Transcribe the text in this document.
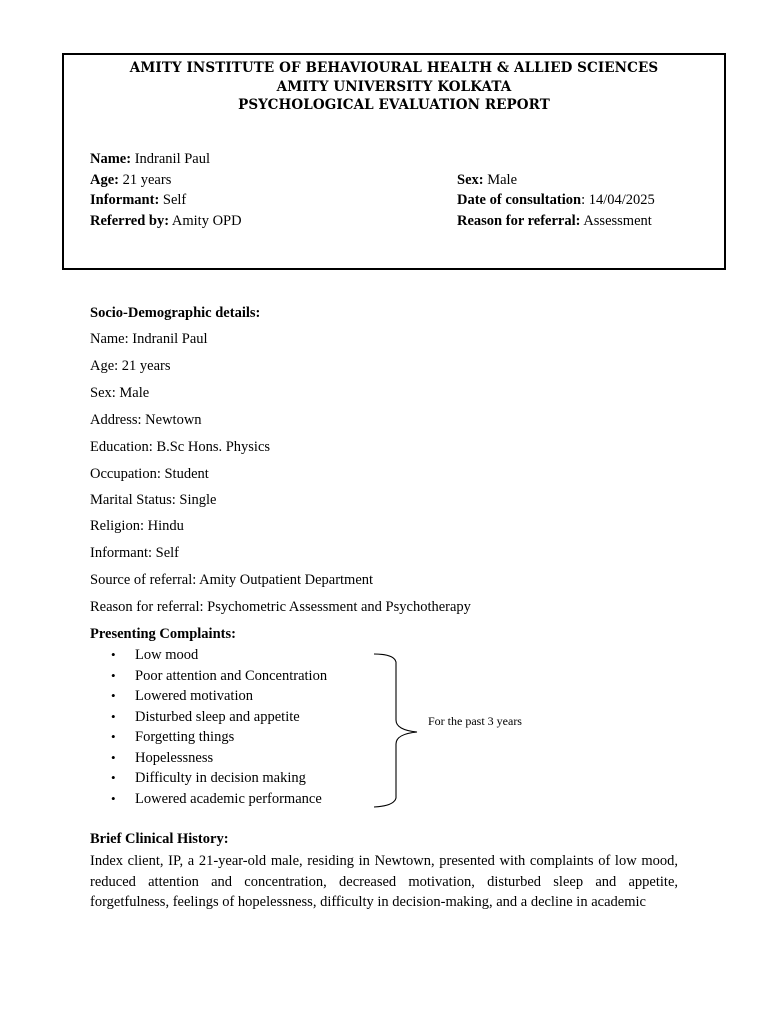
AMITY INSTITUTE OF BEHAVIOURAL HEALTH & ALLIED SCIENCES
AMITY UNIVERSITY KOLKATA
PSYCHOLOGICAL EVALUATION REPORT
Name: Indranil Paul
Age: 21 years
Informant: Self
Referred by: Amity OPD
Sex: Male
Date of consultation: 14/04/2025
Reason for referral: Assessment
Socio-Demographic details:
Name: Indranil Paul
Age: 21 years
Sex: Male
Address: Newtown
Education: B.Sc Hons. Physics
Occupation: Student
Marital Status: Single
Religion: Hindu
Informant: Self
Source of referral: Amity Outpatient Department
Reason for referral: Psychometric Assessment and Psychotherapy
Presenting Complaints:
• Low mood
• Poor attention and Concentration
• Lowered motivation
• Disturbed sleep and appetite
• Forgetting things
• Hopelessness
• Difficulty in decision making
• Lowered academic performance
For the past 3 years
Brief Clinical History:
Index client, IP, a 21-year-old male, residing in Newtown, presented with complaints of low mood, reduced attention and concentration, decreased motivation, disturbed sleep and appetite, forgetfulness, feelings of hopelessness, difficulty in decision-making, and a decline in academic
